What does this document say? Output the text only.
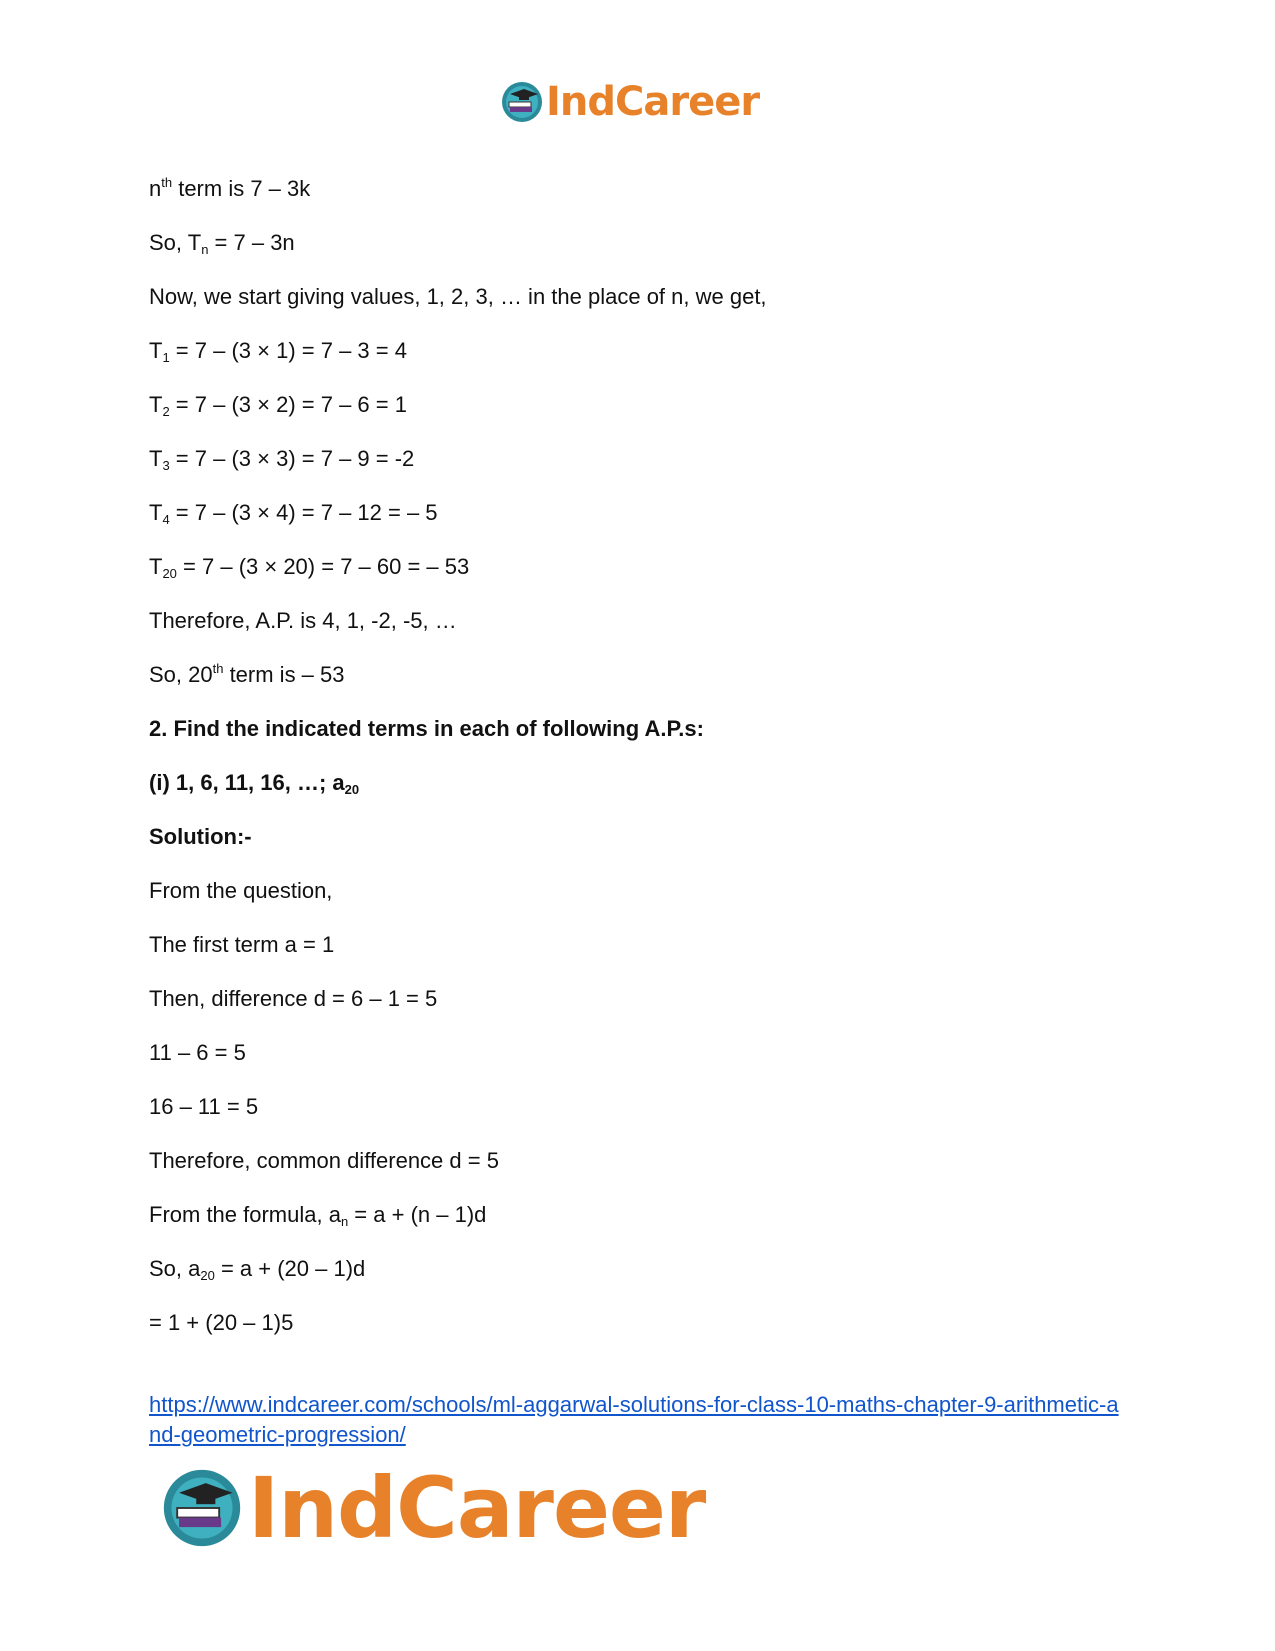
IndCareer
$n^{th}$ term is 7 – 3k
So, $T_n = 7 - 3n$
Now, we start giving values, 1, 2, 3, … in the place of n, we get,
$T_1 = 7 - (3 \times 1) = 7 - 3 = 4$
$T_2 = 7 - (3 \times 2) = 7 - 6 = 1$
$T_3 = 7 - (3 \times 3) = 7 - 9 = -2$
$T_4 = 7 - (3 \times 4) = 7 - 12$ = – 5
$T_{20} = 7 - (3 \times 20) = 7 - 60$ = – 53
Therefore, A.P. is 4, 1, -2, -5, …
So, 20th term is – 53
2. Find the indicated terms in each of following A.P.s:
(i) 1, 6, 11, 16, …; $a_{20}$
Solution:-
From the question,
The first term a = 1
Then, difference d = 6 – 1 = 5
11 – 6 = 5
16 – 11 = 5
Therefore, common difference d = 5
From the formula, $a_n = a + (n - 1)d$
So, $a_{20} = a + (20 - 1)d$
= 1 + (20 – 1)5
https://www.indcareer.com/schools/ml-aggarwal-solutions-for-class-10-maths-chapter-9-arithmetic-and-geometric-progression/
IndCareer
